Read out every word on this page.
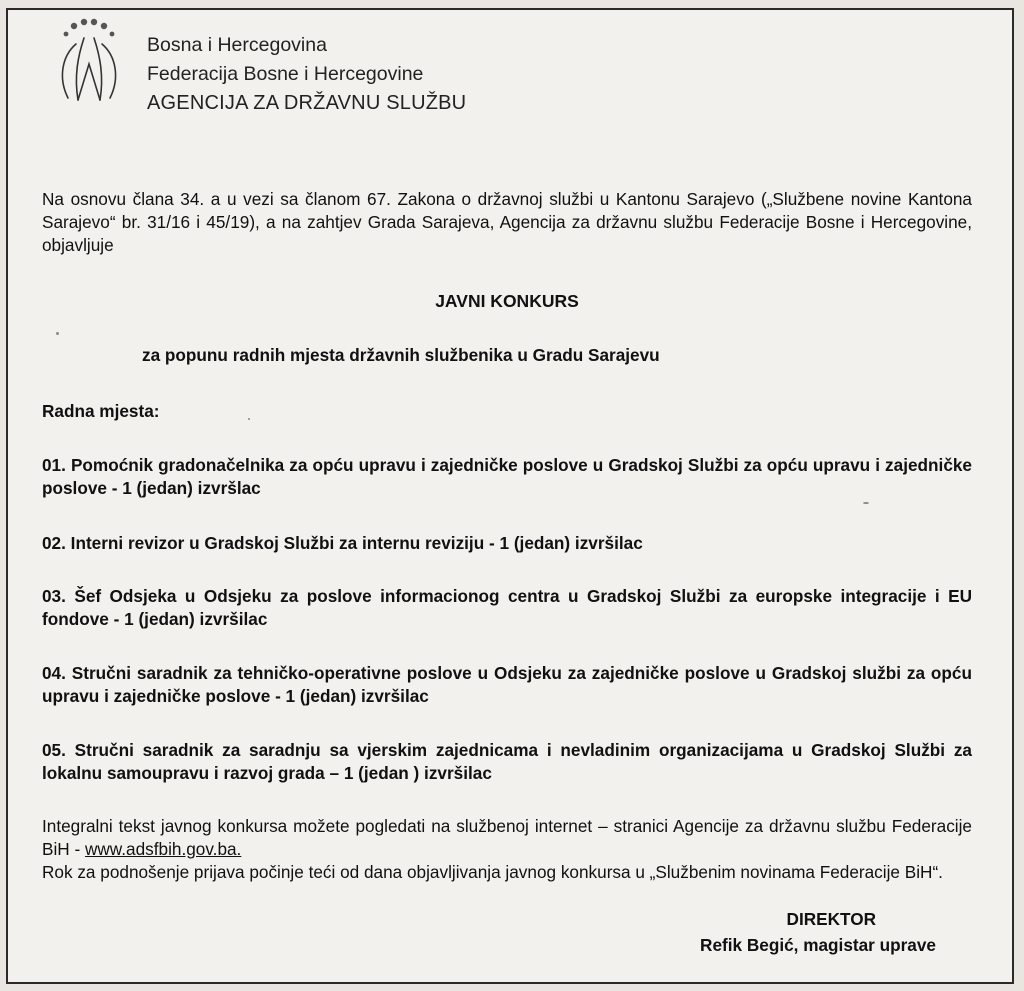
Bosna i Hercegovina
Federacija Bosne i Hercegovine
AGENCIJA ZA DRŽAVNU SLUŽBU
Na osnovu člana 34. a u vezi sa članom 67. Zakona o državnoj službi u Kantonu Sarajevo („Službene novine Kantona Sarajevo“ br. 31/16 i 45/19), a na zahtjev Grada Sarajeva, Agencija za državnu službu Federacije Bosne i Hercegovine, objavljuje
JAVNI KONKURS
za popunu radnih mjesta državnih službenika u Gradu Sarajevu
Radna mjesta:
01. Pomoćnik gradonačelnika za opću upravu i zajedničke poslove u Gradskoj Službi za opću upravu i zajedničke poslove - 1 (jedan) izvršlac
02. Interni revizor u Gradskoj Službi za internu reviziju - 1 (jedan) izvršilac
03. Šef Odsjeka u Odsjeku za poslove informacionog centra u Gradskoj Službi za europske integracije i EU fondove - 1 (jedan) izvršilac
04. Stručni saradnik za tehničko-operativne poslove u Odsjeku za zajedničke poslove u Gradskoj službi za opću upravu i zajedničke poslove - 1 (jedan) izvršilac
05. Stručni saradnik za saradnju sa vjerskim zajednicama i nevladinim organizacijama u Gradskoj Službi za lokalnu samoupravu i razvoj grada – 1 (jedan ) izvršilac
Integralni tekst javnog konkursa možete pogledati na službenoj internet – stranici Agencije za državnu službu Federacije BiH - www.adsfbih.gov.ba.
Rok za podnošenje prijava počinje teći od dana objavljivanja javnog konkursa u „Službenim novinama Federacije BiH“.
DIREKTOR
Refik Begić, magistar uprave
